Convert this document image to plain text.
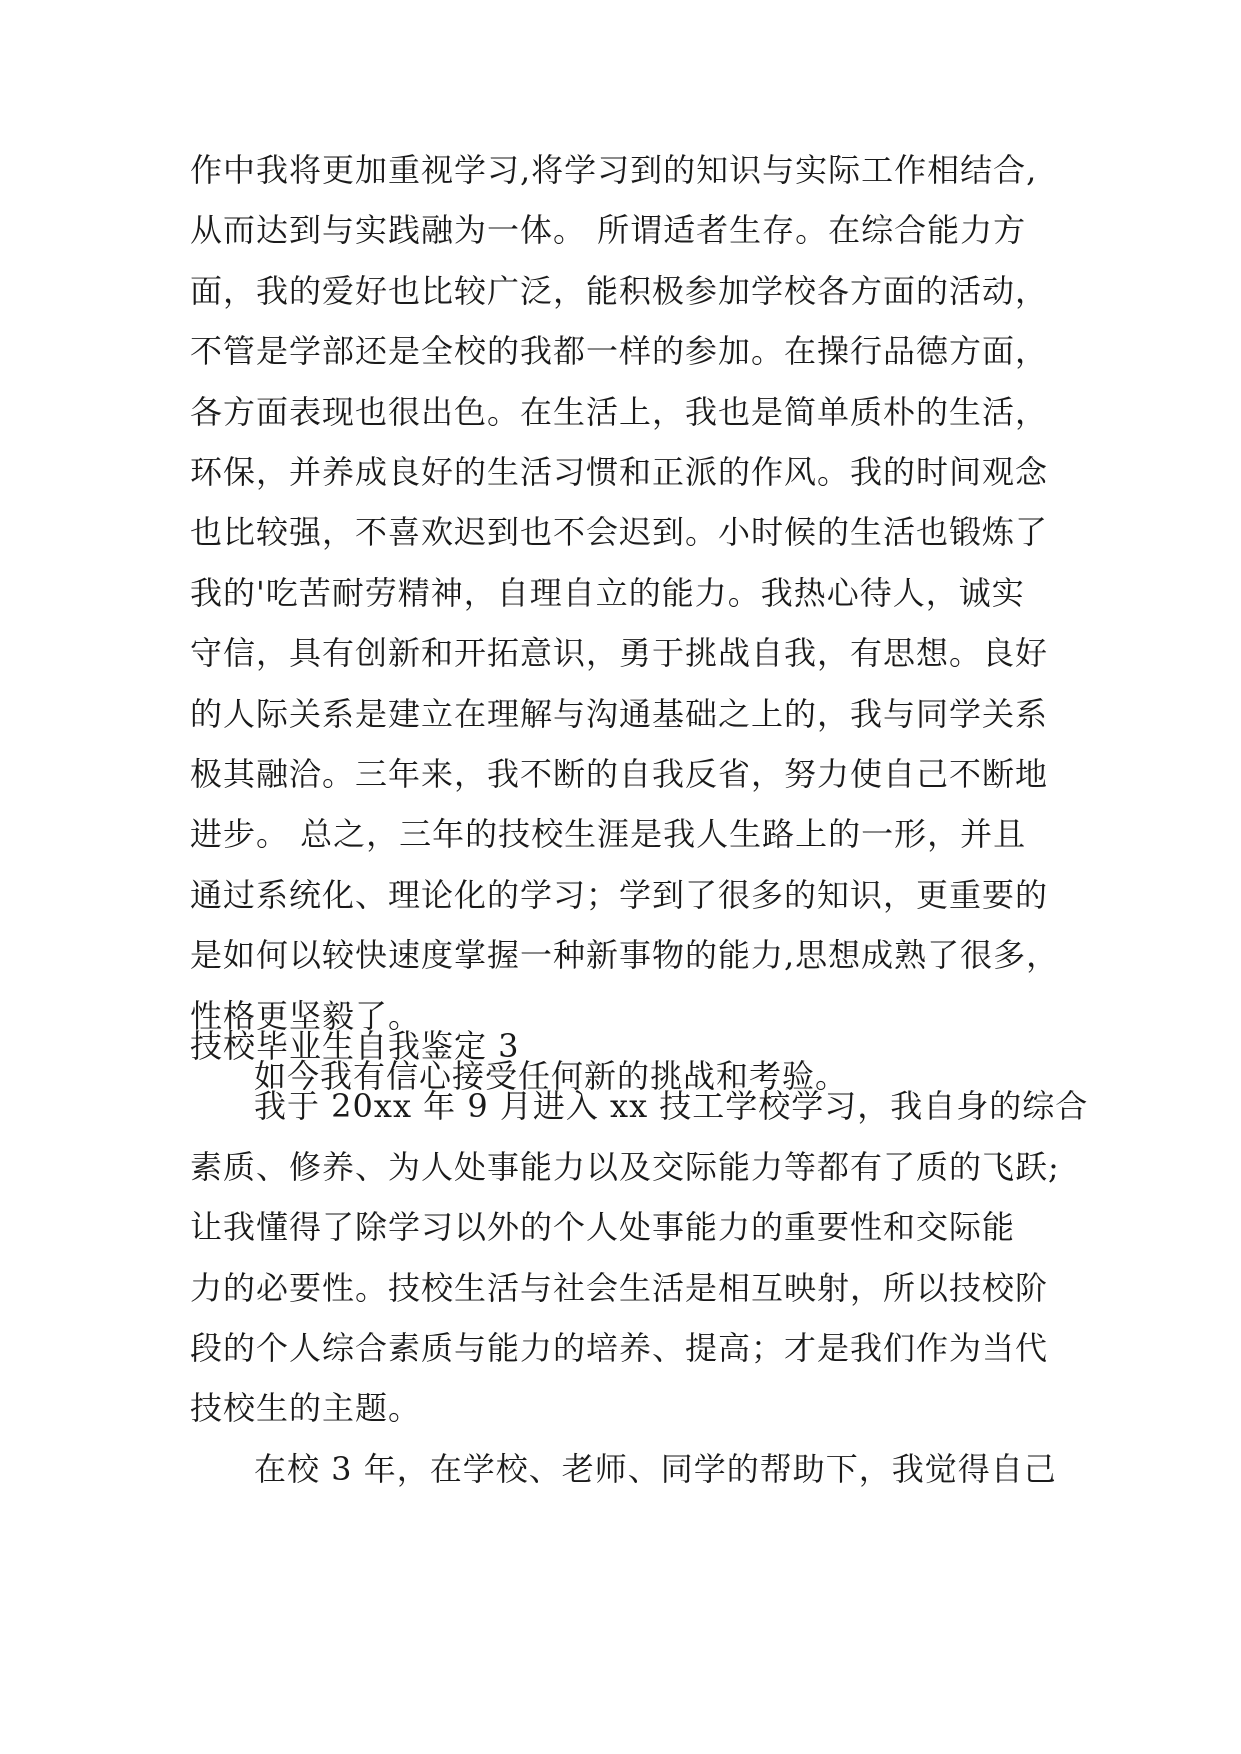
作中我将更加重视学习,将学习到的知识与实际工作相结合,
从而达到与实践融为一体。 所谓适者生存。在综合能力方
面，我的爱好也比较广泛，能积极参加学校各方面的活动，
不管是学部还是全校的我都一样的参加。在操行品德方面，
各方面表现也很出色。在生活上，我也是简单质朴的生活，
环保，并养成良好的生活习惯和正派的作风。我的时间观念
也比较强，不喜欢迟到也不会迟到。小时候的生活也锻炼了
我的'吃苦耐劳精神，自理自立的能力。我热心待人，诚实
守信，具有创新和开拓意识，勇于挑战自我，有思想。良好
的人际关系是建立在理解与沟通基础之上的，我与同学关系
极其融洽。三年来，我不断的自我反省，努力使自己不断地
进步。 总之，三年的技校生涯是我人生路上的一形，并且
通过系统化、理论化的学习；学到了很多的知识，更重要的
是如何以较快速度掌握一种新事物的能力,思想成熟了很多，
性格更坚毅了。
如今我有信心接受任何新的挑战和考验。
技校毕业生自我鉴定 3
我于 20xx 年 9 月进入 xx 技工学校学习，我自身的综合
素质、修养、为人处事能力以及交际能力等都有了质的飞跃;
让我懂得了除学习以外的个人处事能力的重要性和交际能
力的必要性。技校生活与社会生活是相互映射，所以技校阶
段的个人综合素质与能力的培养、提高；才是我们作为当代
技校生的主题。
在校 3 年，在学校、老师、同学的帮助下，我觉得自己
